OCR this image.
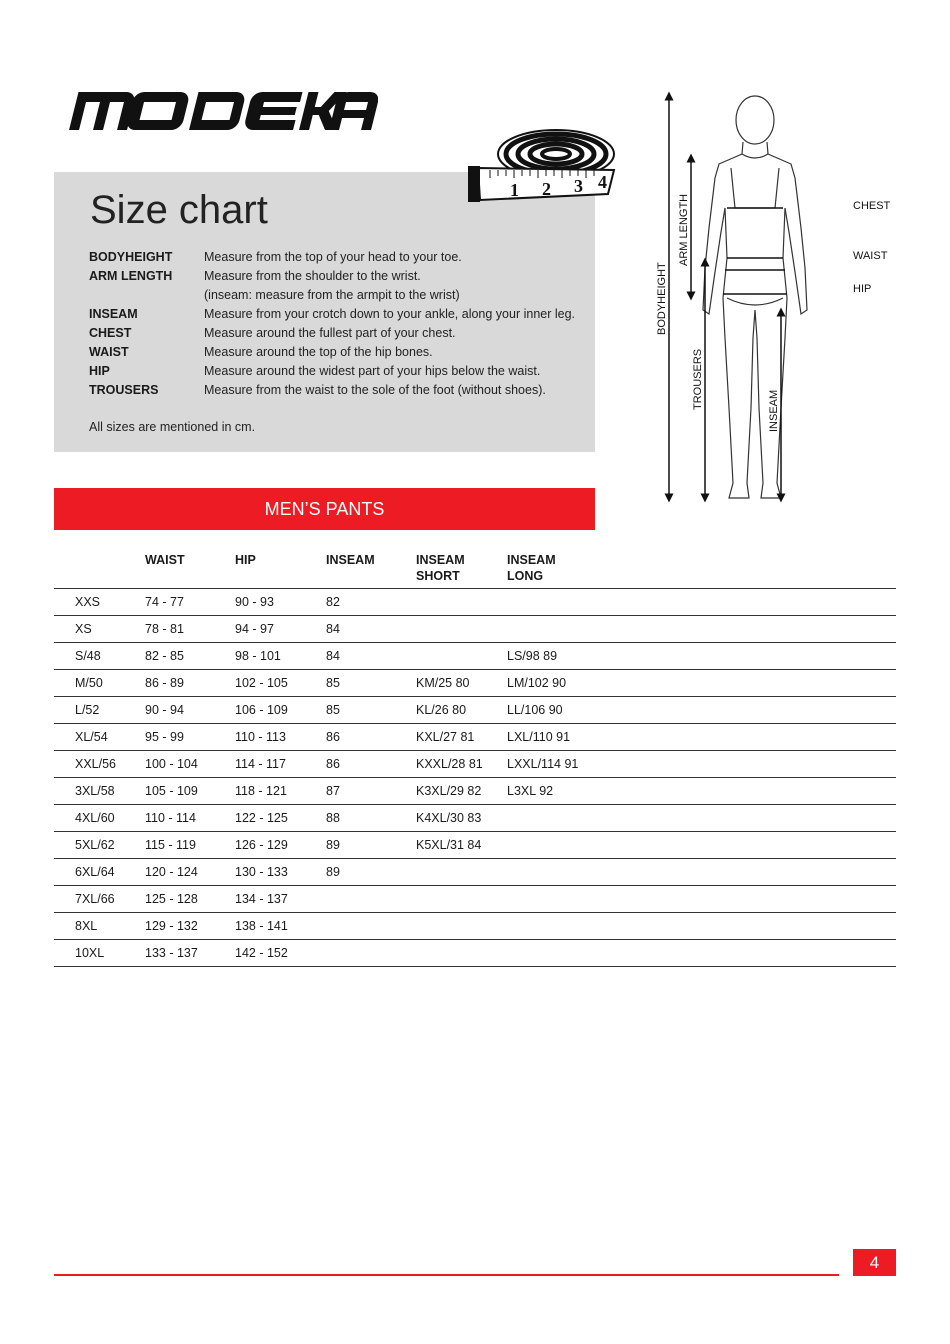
Size chart
BODYHEIGHT	Measure from the top of your head to your toe.
ARM LENGTH	Measure from the shoulder to the wrist.
(inseam: measure from the armpit to the wrist)
INSEAM	Measure from your crotch down to your ankle, along your inner leg.
CHEST	Measure around the fullest part of your chest.
WAIST	Measure around the top of the hip bones.
HIP	Measure around the widest part of your hips below the waist.
TROUSERS	Measure from the waist to the sole of the foot (without shoes).
All sizes are mentioned in cm.
1 2 3 4
CHEST
WAIST
HIP
ARM LENGTH
BODYHEIGHT
TROUSERS
INSEAM
MEN’S PANTS
	WAIST	HIP	INSEAM	INSEAM SHORT	INSEAM LONG

XXS	74 - 77	90 - 93	82		
XS	78 - 81	94 - 97	84		
S/48	82 - 85	98 - 101	84		LS/98 89
M/50	86 - 89	102 - 105	85	KM/25 80	LM/102 90
L/52	90 - 94	106 - 109	85	KL/26 80	LL/106 90
XL/54	95 - 99	110 - 113	86	KXL/27 81	LXL/110 91
XXL/56	100 - 104	114 - 117	86	KXXL/28 81	LXXL/114 91
3XL/58	105 - 109	118 - 121	87	K3XL/29 82	L3XL 92
4XL/60	110 - 114	122 - 125	88	K4XL/30 83	
5XL/62	115 - 119	126 - 129	89	K5XL/31 84	
6XL/64	120 - 124	130 - 133	89		
7XL/66	125 - 128	134 - 137			
8XL	129 - 132	138 - 141			
10XL	133 - 137	142 - 152			
4
